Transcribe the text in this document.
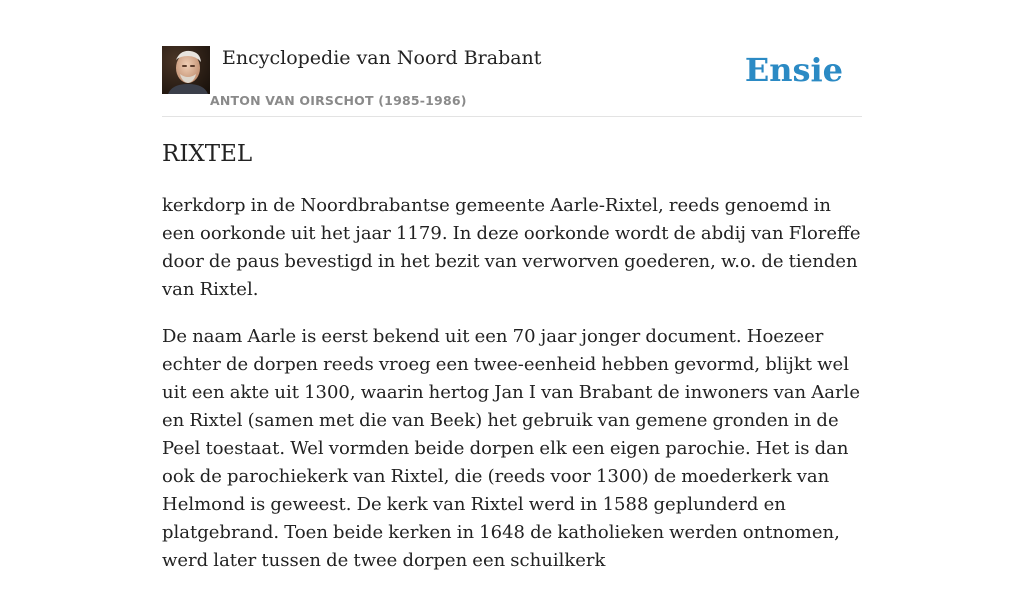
Encyclopedie van Noord Brabant
ANTON VAN OIRSCHOT (1985-1986)
Ensie
RIXTEL

kerkdorp in de Noordbrabantse gemeente Aarle-Rixtel, reeds genoemd in een oorkonde uit het jaar 1179. In deze oorkonde wordt de abdij van Floreffe door de paus bevestigd in het bezit van verworven goederen, w.o. de tienden van Rixtel.

De naam Aarle is eerst bekend uit een 70 jaar jonger document. Hoezeer echter de dorpen reeds vroeg een twee-eenheid hebben gevormd, blijkt wel uit een akte uit 1300, waarin hertog Jan I van Brabant de inwoners van Aarle en Rixtel (samen met die van Beek) het gebruik van gemene gronden in de Peel toestaat. Wel vormden beide dorpen elk een eigen parochie. Het is dan ook de parochiekerk van Rixtel, die (reeds voor 1300) de moederkerk van Helmond is geweest. De kerk van Rixtel werd in 1588 geplunderd en platgebrand. Toen beide kerken in 1648 de katholieken werden ontnomen, werd later tussen de twee dorpen een schuilkerk
